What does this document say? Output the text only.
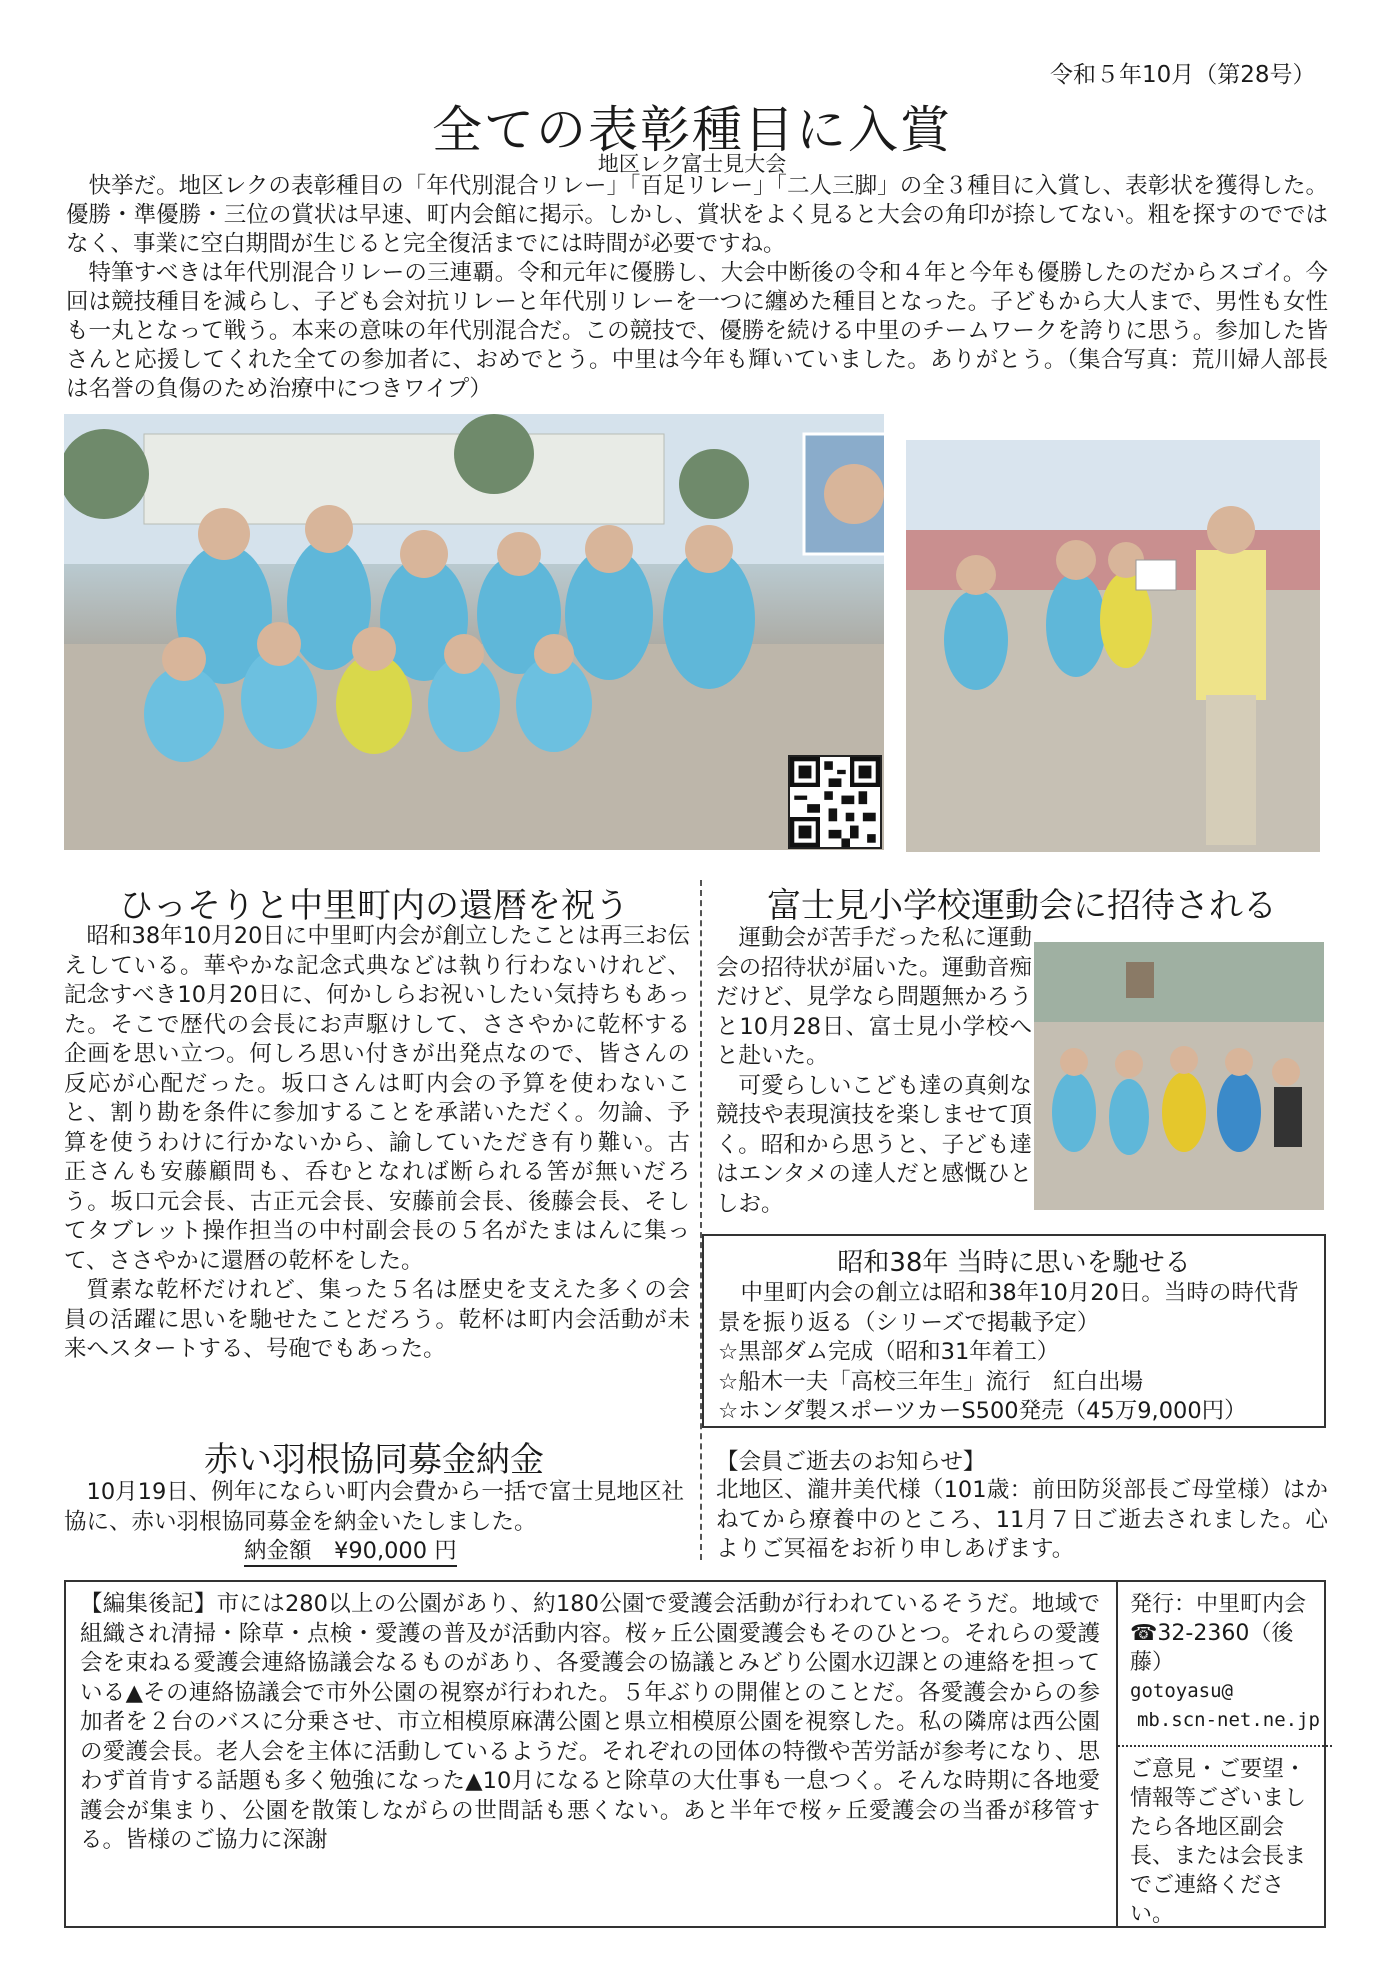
令和５年10月（第28号）
全ての表彰種目に入賞
地区レク富士見大会

快挙だ。地区レクの表彰種目の「年代別混合リレー」「百足リレー」「二人三脚」の全３種目に入賞し、表彰状を獲得した。優勝・準優勝・三位の賞状は早速、町内会館に掲示。しかし、賞状をよく見ると大会の角印が捺してない。粗を探すのでではなく、事業に空白期間が生じると完全復活までには時間が必要ですね。

特筆すべきは年代別混合リレーの三連覇。令和元年に優勝し、大会中断後の令和４年と今年も優勝したのだからスゴイ。今回は競技種目を減らし、子ども会対抗リレーと年代別リレーを一つに纏めた種目となった。子どもから大人まで、男性も女性も一丸となって戦う。本来の意味の年代別混合だ。この競技で、優勝を続ける中里のチームワークを誇りに思う。参加した皆さんと応援してくれた全ての参加者に、おめでとう。中里は今年も輝いていました。ありがとう。（集合写真：荒川婦人部長は名誉の負傷のため治療中につきワイプ）

ひっそりと中里町内の還暦を祝う

昭和38年10月20日に中里町内会が創立したことは再三お伝えしている。華やかな記念式典などは執り行わないけれど、記念すべき10月20日に、何かしらお祝いしたい気持ちもあった。そこで歴代の会長にお声駆けして、ささやかに乾杯する企画を思い立つ。何しろ思い付きが出発点なので、皆さんの反応が心配だった。坂口さんは町内会の予算を使わないこと、割り勘を条件に参加することを承諾いただく。勿論、予算を使うわけに行かないから、諭していただき有り難い。古正さんも安藤顧問も、呑むとなれば断られる筈が無いだろう。坂口元会長、古正元会長、安藤前会長、後藤会長、そしてタブレット操作担当の中村副会長の５名がたまはんに集って、ささやかに還暦の乾杯をした。

質素な乾杯だけれど、集った５名は歴史を支えた多くの会員の活躍に思いを馳せたことだろう。乾杯は町内会活動が未来へスタートする、号砲でもあった。

富士見小学校運動会に招待される

運動会が苦手だった私に運動会の招待状が届いた。運動音痴だけど、見学なら問題無かろうと10月28日、富士見小学校へと赴いた。

可愛らしいこども達の真剣な競技や表現演技を楽しませて頂く。昭和から思うと、子ども達はエンタメの達人だと感慨ひとしお。

昭和38年 当時に思いを馳せる
中里町内会の創立は昭和38年10月20日。当時の時代背景を振り返る（シリーズで掲載予定）
☆黒部ダム完成（昭和31年着工）
☆船木一夫「高校三年生」流行　紅白出場
☆ホンダ製スポーツカーS500発売（45万9,000円）
赤い羽根協同募金納金

10月19日、例年にならい町内会費から一括で富士見地区社協に、赤い羽根協同募金を納金いたしました。

納金額　¥90,000 円
【会員ご逝去のお知らせ】
北地区、瀧井美代様（101歳：前田防災部長ご母堂様）はかねてから療養中のところ、11月７日ご逝去されました。心よりご冥福をお祈り申しあげます。
【編集後記】市には280以上の公園があり、約180公園で愛護会活動が行われているそうだ。地域で組織され清掃・除草・点検・愛護の普及が活動内容。桜ヶ丘公園愛護会もそのひとつ。それらの愛護会を束ねる愛護会連絡協議会なるものがあり、各愛護会の協議とみどり公園水辺課との連絡を担っている▲その連絡協議会で市外公園の視察が行われた。５年ぶりの開催とのことだ。各愛護会からの参加者を２台のバスに分乗させ、市立相模原麻溝公園と県立相模原公園を視察した。私の隣席は西公園の愛護会長。老人会を主体に活動しているようだ。それぞれの団体の特徴や苦労話が参考になり、思わず首肯する話題も多く勉強になった▲10月になると除草の大仕事も一息つく。そんな時期に各地愛護会が集まり、公園を散策しながらの世間話も悪くない。あと半年で桜ヶ丘愛護会の当番が移管する。皆様のご協力に深謝
発行：中里町内会
☎32-2360（後藤）
gotoyasu@
mb.scn-net.ne.jp
ご意見・ご要望・情報等ございましたら各地区副会長、または会長までご連絡ください。
